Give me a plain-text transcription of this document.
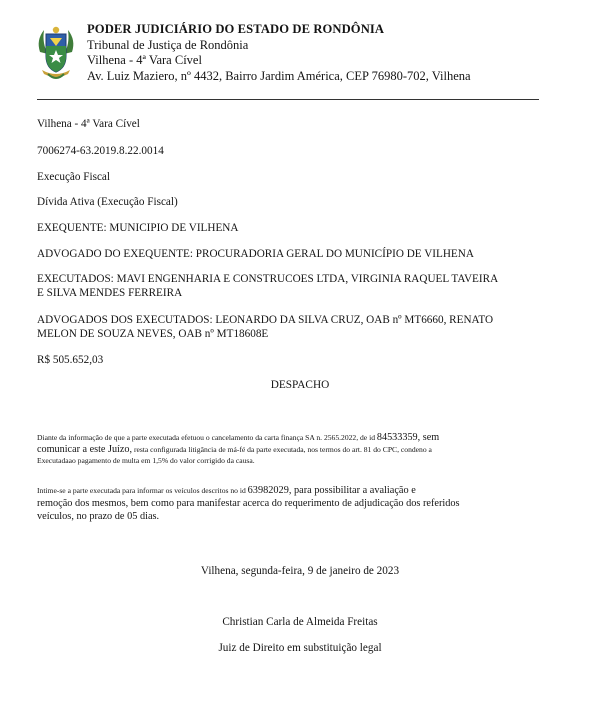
PODER JUDICIÁRIO DO ESTADO DE RONDÔNIA
Tribunal de Justiça de Rondônia
Vilhena - 4ª Vara Cível
Av. Luiz Maziero, nº 4432, Bairro Jardim América, CEP 76980-702, Vilhena
Vilhena - 4ª Vara Cível
7006274-63.2019.8.22.0014
Execução Fiscal
Dívida Ativa (Execução Fiscal)
EXEQUENTE: MUNICIPIO DE VILHENA
ADVOGADO DO EXEQUENTE: PROCURADORIA GERAL DO MUNICÍPIO DE VILHENA
EXECUTADOS: MAVI ENGENHARIA E CONSTRUCOES LTDA, VIRGINIA RAQUEL TAVEIRA
E SILVA MENDES FERREIRA
ADVOGADOS DOS EXECUTADOS: LEONARDO DA SILVA CRUZ, OAB nº MT6660, RENATO
MELON DE SOUZA NEVES, OAB nº MT18608E
R$ 505.652,03
DESPACHO
Diante da informação de que a parte executada efetuou o cancelamento da carta finança SA n. 2565.2022, de id 84533359, sem
comunicar a este Juízo, resta configurada litigância de má-fé da parte executada, nos termos do art. 81 do CPC, condeno a
Executadaao pagamento de multa em 1,5% do valor corrigido da causa.
Intime-se a parte executada para informar os veículos descritos no id 63982029, para possibilitar a avaliação e
remoção dos mesmos, bem como para manifestar acerca do requerimento de adjudicação dos referidos
veículos, no prazo de 05 dias.
Vilhena, segunda-feira, 9 de janeiro de 2023
Christian Carla de Almeida Freitas
Juiz de Direito em substituição legal
